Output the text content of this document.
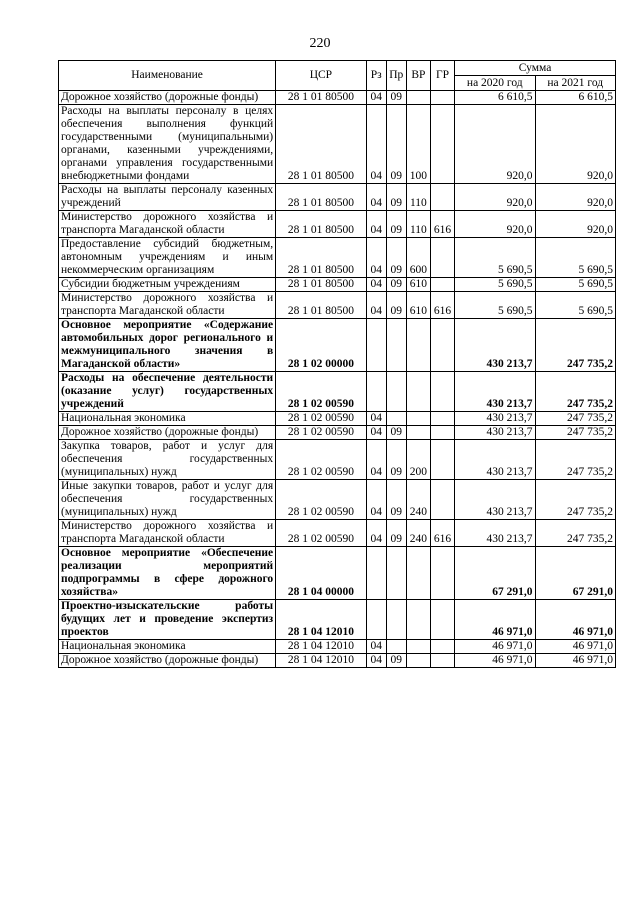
220
Наименование	ЦСР	Рз	Пр	ВР	ГР	Сумма	
						на 2020 год	на 2021 год
Дорожное хозяйство (дорожные фонды)	28 1 01 80500	04	09			6 610,5	6 610,5
Расходы на выплаты персоналу в целях обеспечения выполнения функций государственными (муниципальными) органами, казенными учреждениями, органами управления государственными внебюджетными фондами	28 1 01 80500	04	09	100		920,0	920,0
Расходы на выплаты персоналу казенных учреждений	28 1 01 80500	04	09	110		920,0	920,0
Министерство дорожного хозяйства и транспорта Магаданской области	28 1 01 80500	04	09	110	616	920,0	920,0
Предоставление субсидий бюджетным, автономным учреждениям и иным некоммерческим организациям	28 1 01 80500	04	09	600		5 690,5	5 690,5
Субсидии бюджетным учреждениям	28 1 01 80500	04	09	610		5 690,5	5 690,5
Министерство дорожного хозяйства и транспорта Магаданской области	28 1 01 80500	04	09	610	616	5 690,5	5 690,5
Основное мероприятие «Содержание автомобильных дорог регионального и межмуниципального значения в Магаданской области»	28 1 02 00000					430 213,7	247 735,2
Расходы на обеспечение деятельности (оказание услуг) государственных учреждений	28 1 02 00590					430 213,7	247 735,2
Национальная экономика	28 1 02 00590	04				430 213,7	247 735,2
Дорожное хозяйство (дорожные фонды)	28 1 02 00590	04	09			430 213,7	247 735,2
Закупка товаров, работ и услуг для обеспечения государственных (муниципальных) нужд	28 1 02 00590	04	09	200		430 213,7	247 735,2
Иные закупки товаров, работ и услуг для обеспечения государственных (муниципальных) нужд	28 1 02 00590	04	09	240		430 213,7	247 735,2
Министерство дорожного хозяйства и транспорта Магаданской области	28 1 02 00590	04	09	240	616	430 213,7	247 735,2
Основное мероприятие «Обеспечение реализации мероприятий подпрограммы в сфере дорожного хозяйства»	28 1 04 00000					67 291,0	67 291,0
Проектно-изыскательские работы будущих лет и проведение экспертиз проектов	28 1 04 12010					46 971,0	46 971,0
Национальная экономика	28 1 04 12010	04				46 971,0	46 971,0
Дорожное хозяйство (дорожные фонды)	28 1 04 12010	04	09			46 971,0	46 971,0
